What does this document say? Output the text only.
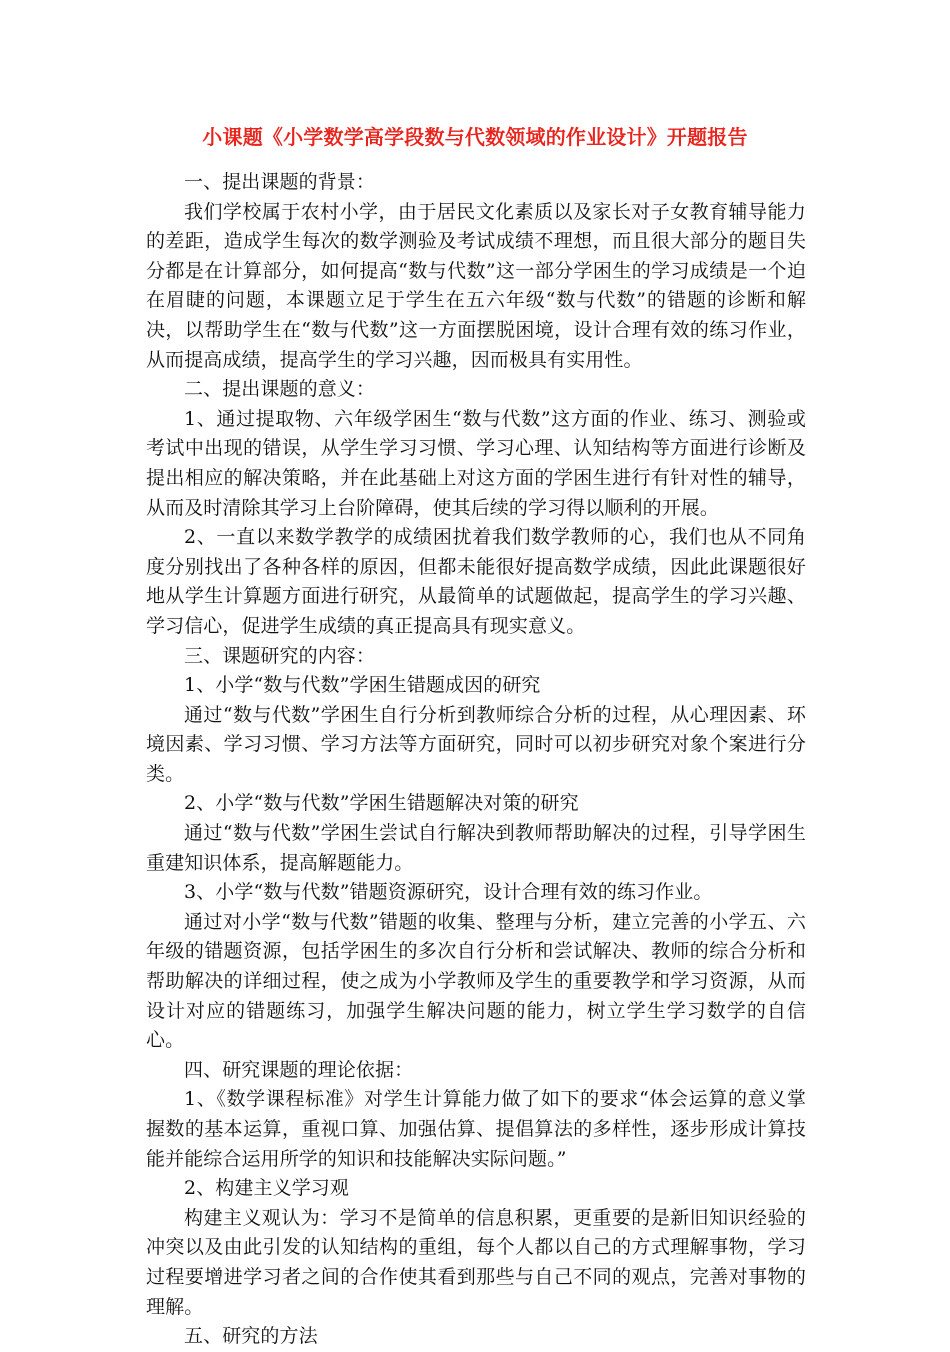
小课题《小学数学高学段数与代数领域的作业设计》开题报告

一、提出课题的背景：

我们学校属于农村小学，由于居民文化素质以及家长对子女教育辅导能力的差距，造成学生每次的数学测验及考试成绩不理想，而且很大部分的题目失分都是在计算部分，如何提高“数与代数”这一部分学困生的学习成绩是一个迫在眉睫的问题，本课题立足于学生在五六年级“数与代数”的错题的诊断和解决，以帮助学生在“数与代数”这一方面摆脱困境，设计合理有效的练习作业，从而提高成绩，提高学生的学习兴趣，因而极具有实用性。

二、提出课题的意义：

1、通过提取物、六年级学困生“数与代数”这方面的作业、练习、测验或考试中出现的错误，从学生学习习惯、学习心理、认知结构等方面进行诊断及提出相应的解决策略，并在此基础上对这方面的学困生进行有针对性的辅导，从而及时清除其学习上台阶障碍，使其后续的学习得以顺利的开展。

2、一直以来数学教学的成绩困扰着我们数学教师的心，我们也从不同角度分别找出了各种各样的原因，但都未能很好提高数学成绩，因此此课题很好地从学生计算题方面进行研究，从最简单的试题做起，提高学生的学习兴趣、学习信心，促进学生成绩的真正提高具有现实意义。

三、课题研究的内容：

1、小学“数与代数”学困生错题成因的研究

通过“数与代数”学困生自行分析到教师综合分析的过程，从心理因素、环境因素、学习习惯、学习方法等方面研究，同时可以初步研究对象个案进行分类。

2、小学“数与代数”学困生错题解决对策的研究

通过“数与代数”学困生尝试自行解决到教师帮助解决的过程，引导学困生重建知识体系，提高解题能力。

3、小学“数与代数”错题资源研究，设计合理有效的练习作业。

通过对小学“数与代数”错题的收集、整理与分析，建立完善的小学五、六年级的错题资源，包括学困生的多次自行分析和尝试解决、教师的综合分析和帮助解决的详细过程，使之成为小学教师及学生的重要教学和学习资源，从而设计对应的错题练习，加强学生解决问题的能力，树立学生学习数学的自信心。

四、研究课题的理论依据：

1、《数学课程标准》对学生计算能力做了如下的要求“体会运算的意义掌握数的基本运算，重视口算、加强估算、提倡算法的多样性，逐步形成计算技能并能综合运用所学的知识和技能解决实际问题。”

2、构建主义学习观

构建主义观认为：学习不是简单的信息积累，更重要的是新旧知识经验的冲突以及由此引发的认知结构的重组，每个人都以自己的方式理解事物，学习过程要增进学习者之间的合作使其看到那些与自己不同的观点，完善对事物的理解。

五、研究的方法
